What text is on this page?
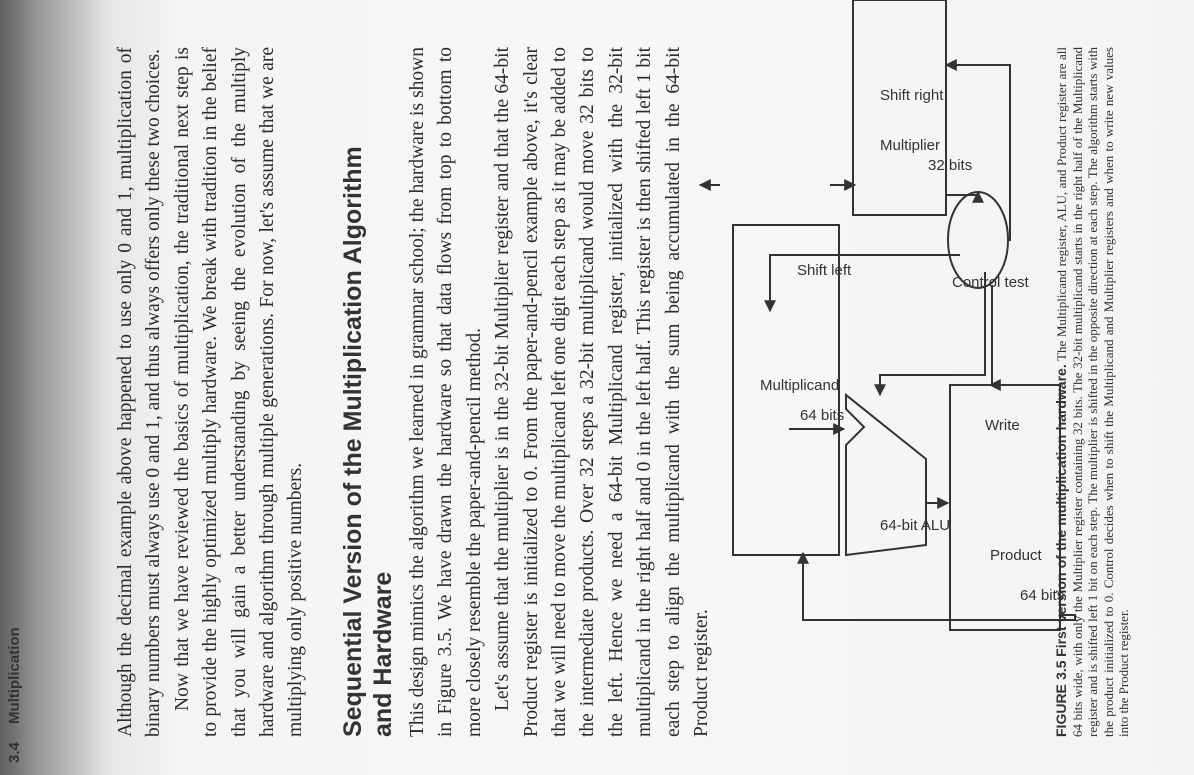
3.4 Multiplication	Although the decimal example above happened to use only 0 and 1, multiplication of binary numbers must always use 0 and 1, and thus always offers only these two choices. Now that we have reviewed the basics of multiplication, the traditional next step is to provide the highly optimized multiply hardware. We break with tradition in the belief that you will gain a better understanding by seeing the evolution of the multiply hardware and algorithm through multiple generations. For now, let's assume that we are multiplying only positive numbers. Sequential Version of the Multiplication Algorithm and Hardware This design mimics the algorithm we learned in grammar school; the hardware is shown in Figure 3.5. We have drawn the hardware so that data flows from top to bottom to more closely resemble the paper-and-pencil method. Let's assume that the multiplier is in the 32-bit Multiplier register and that the 64-bit Product register is initialized to 0. From the paper-and-pencil example above, it's clear that we will need to move the multiplicand left one digit each step as it may be added to the intermediate products. Over 32 steps a 32-bit multiplicand would move 32 bits to the left. Hence we need a 64-bit Multiplicand register, initialized with the 32-bit multiplicand in the right half and 0 in the left half. This register is then shifted left 1 bit each step to align the multiplicand with the sum being accumulated in the 64-bit Product register.

Multiplicand
Shift left
64 bits
64-bit ALU
Product
Write
64 bits
Multiplier
Shift right
32 bits
Control test

FIGURE 3.5 First version of the multiplication hardware. The Multiplicand register, ALU, and Product register are all 64 bits wide, with only the Multiplier register containing 32 bits. The 32-bit multiplicand starts in the right half of the Multiplicand register and is shifted left 1 bit on each step. The multiplier is shifted in the opposite direction at each step. The algorithm starts with the product initialized to 0. Control decides when to shift the Multiplicand and Multiplier registers and when to write new values into the Product register.
